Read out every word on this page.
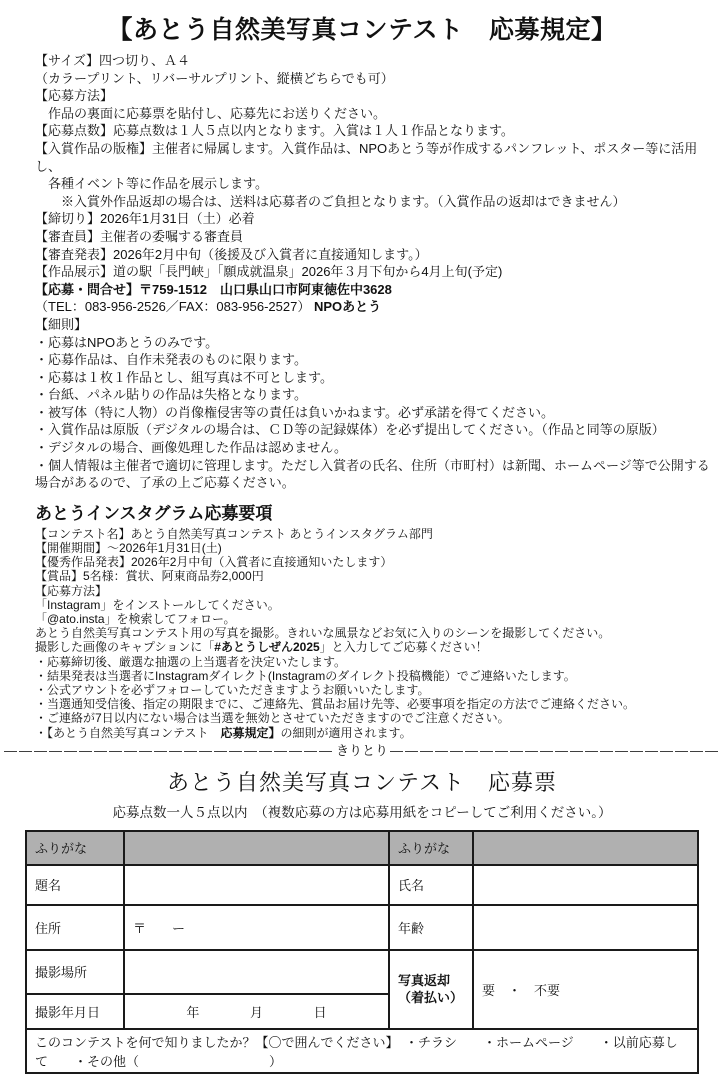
【あとう自然美写真コンテスト　応募規定】

【サイズ】四つ切り、Ａ４

（カラープリント、リバーサルプリント、縦横どちらでも可）

【応募方法】

　作品の裏面に応募票を貼付し、応募先にお送りください。

【応募点数】応募点数は１人５点以内となります。入賞は１人１作品となります。

【入賞作品の版権】主催者に帰属します。入賞作品は、NPOあとう等が作成するパンフレット、ポスター等に活用し、

　各種イベント等に作品を展示します。

　　※入賞外作品返却の場合は、送料は応募者のご負担となります。（入賞作品の返却はできません）

【締切り】2026年1月31日（土）必着

【審査員】主催者の委嘱する審査員

【審査発表】2026年2月中旬（後援及び入賞者に直接通知します。）

【作品展示】道の駅「長門峡」「願成就温泉」2026年３月下旬から4月上旬(予定)

【応募・問合せ】〒759-1512　山口県山口市阿東徳佐中3628

（TEL：083-956-2526／FAX：083-956-2527） NPOあとう

【細則】

・応募はNPOあとうのみです。

・応募作品は、自作未発表のものに限ります。

・応募は１枚１作品とし、組写真は不可とします。

・台紙、パネル貼りの作品は失格となります。

・被写体（特に人物）の肖像権侵害等の責任は負いかねます。必ず承諾を得てください。

・入賞作品は原版（デジタルの場合は、ＣＤ等の記録媒体）を必ず提出してください。（作品と同等の原版）

・デジタルの場合、画像処理した作品は認めません。

・個人情報は主催者で適切に管理します。ただし入賞者の氏名、住所（市町村）は新聞、ホームページ等で公開する場合があるので、了承の上ご応募ください。

あとうインスタグラム応募要項

【コンテスト名】あとう自然美写真コンテスト あとうインスタグラム部門

【開催期間】～2026年1月31日(土)

【優秀作品発表】2026年2月中旬（入賞者に直接通知いたします）

【賞品】5名様：賞状、阿東商品券2,000円

【応募方法】

「Instagram」をインストールしてください。

「@ato.insta」を検索してフォロー。

あとう自然美写真コンテスト用の写真を撮影。きれいな風景などお気に入りのシーンを撮影してください。

撮影した画像のキャプションに「#あとうしぜん2025」と入力してご応募ください！

・応募締切後、厳選な抽選の上当選者を決定いたします。

・結果発表は当選者にInstagramダイレクト(Instagramのダイレクト投稿機能）でご連絡いたします。

・公式アウントを必ずフォローしていただきますようお願いいたします。

・当選通知受信後、指定の期限までに、ご連絡先、賞品お届け先等、必要事項を指定の方法でご連絡ください。

・ご連絡が7日以内にない場合は当選を無効とさせていただきますのでご注意ください。

・【あとう自然美写真コンテスト　応募規定】の細則が適用されます。

―――――――――――――――――――――― きりとり ――――――――――――――――――――――
あとう自然美写真コンテスト　応募票

応募点数一人５点以内　（複数応募の方は応募用紙をコピーしてご利用ください。）

ふりがな		ふりがな	
題名		氏名	
住所	〒　　ー	年齢	
撮影場所		写真返却
（着払い）	要　・　不要
撮影年月日	年 月 日		

このコンテストを何で知りましたか？【〇で囲んでください】　・チラシ　　・ホームページ　　・以前応募して　　・その他（　　　　　　　　　　）			
